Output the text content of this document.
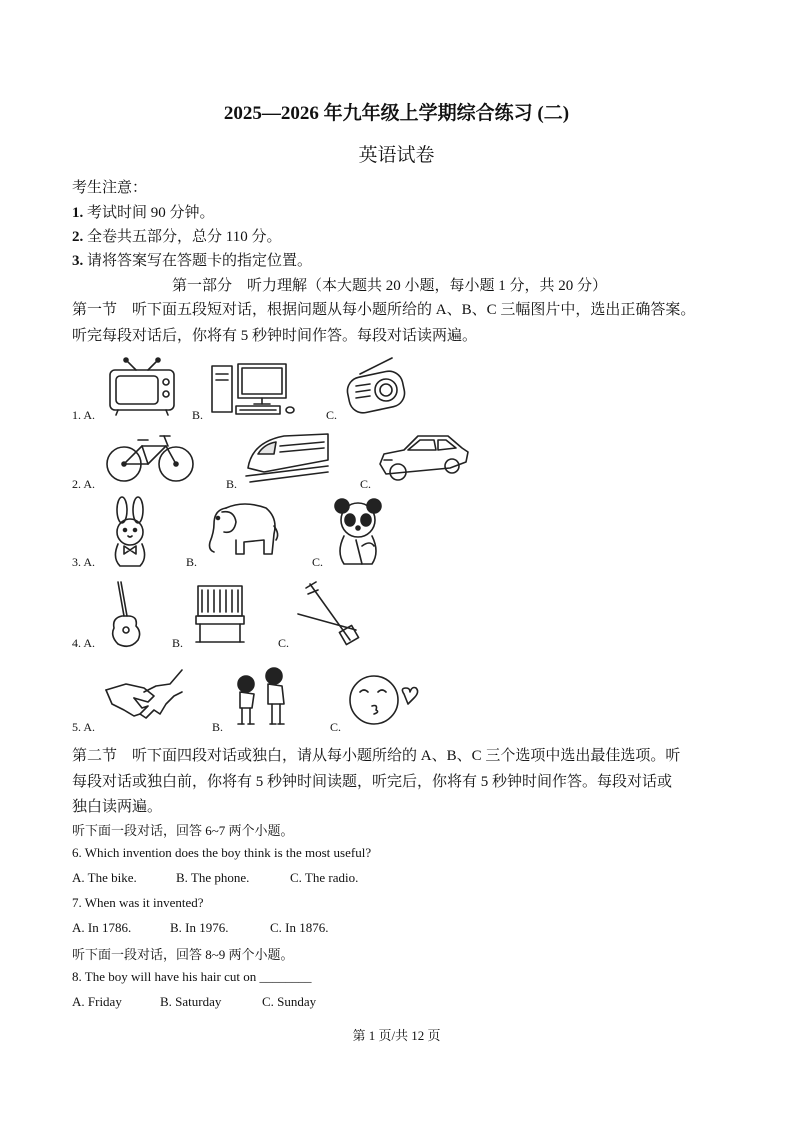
2025—2026 年九年级上学期综合练习 (二)
英语试卷
考生注意：
1. 考试时间 90 分钟。
2. 全卷共五部分，总分 110 分。
3. 请将答案写在答题卡的指定位置。
第一部分　听力理解（本大题共 20 小题，每小题 1 分，共 20 分）
第一节　听下面五段短对话，根据问题从每小题所给的 A、B、C 三幅图片中，选出正确答案。
听完每段对话后，你将有 5 秒钟时间作答。每段对话读两遍。
1. A.	B.	C.
2. A.	B.	C.
3. A.	B.	C.
4. A.	B.	C.
5. A.	B.	C.
第二节　听下面四段对话或独白，请从每小题所给的 A、B、C 三个选项中选出最佳选项。听
每段对话或独白前，你将有 5 秒钟时间读题，听完后，你将有 5 秒钟时间作答。每段对话或
独白读两遍。
听下面一段对话，回答 6~7 两个小题。
6. Which invention does the boy think is the most useful?
A. The bike.	B. The phone.	C. The radio.
7. When was it invented?
A. In 1786.	B. In 1976.	C. In 1876.
听下面一段对话，回答 8~9 两个小题。
8. The boy will have his hair cut on ________
A. Friday	B. Saturday	C. Sunday
第 1 页/共 12 页
